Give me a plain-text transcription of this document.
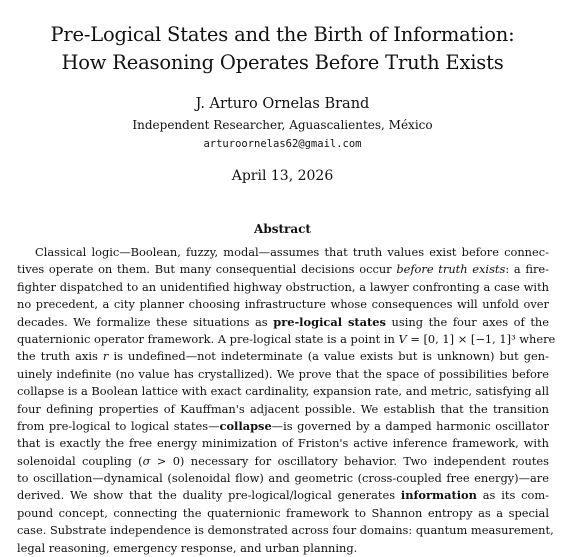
Pre-Logical States and the Birth of Information:
How Reasoning Operates Before Truth Exists
J. Arturo Ornelas Brand
Independent Researcher, Aguascalientes, México
arturoornelas62@gmail.com
April 13, 2026
Abstract
Classical logic—Boolean, fuzzy, modal—assumes that truth values exist before connec-
tives operate on them. But many consequential decisions occur before truth exists: a fire-
fighter dispatched to an unidentified highway obstruction, a lawyer confronting a case with
no precedent, a city planner choosing infrastructure whose consequences will unfold over
decades. We formalize these situations as pre-logical states using the four axes of the
quaternionic operator framework. A pre-logical state is a point in V = [0, 1] × [−1, 1]³ where
the truth axis r is undefined—not indeterminate (a value exists but is unknown) but gen-
uinely indefinite (no value has crystallized). We prove that the space of possibilities before
collapse is a Boolean lattice with exact cardinality, expansion rate, and metric, satisfying all
four defining properties of Kauffman's adjacent possible. We establish that the transition
from pre-logical to logical states—collapse—is governed by a damped harmonic oscillator
that is exactly the free energy minimization of Friston's active inference framework, with
solenoidal coupling (σ > 0) necessary for oscillatory behavior. Two independent routes
to oscillation—dynamical (solenoidal flow) and geometric (cross-coupled free energy)—are
derived. We show that the duality pre-logical/logical generates information as its com-
pound concept, connecting the quaternionic framework to Shannon entropy as a special
case. Substrate independence is demonstrated across four domains: quantum measurement,
legal reasoning, emergency response, and urban planning.
